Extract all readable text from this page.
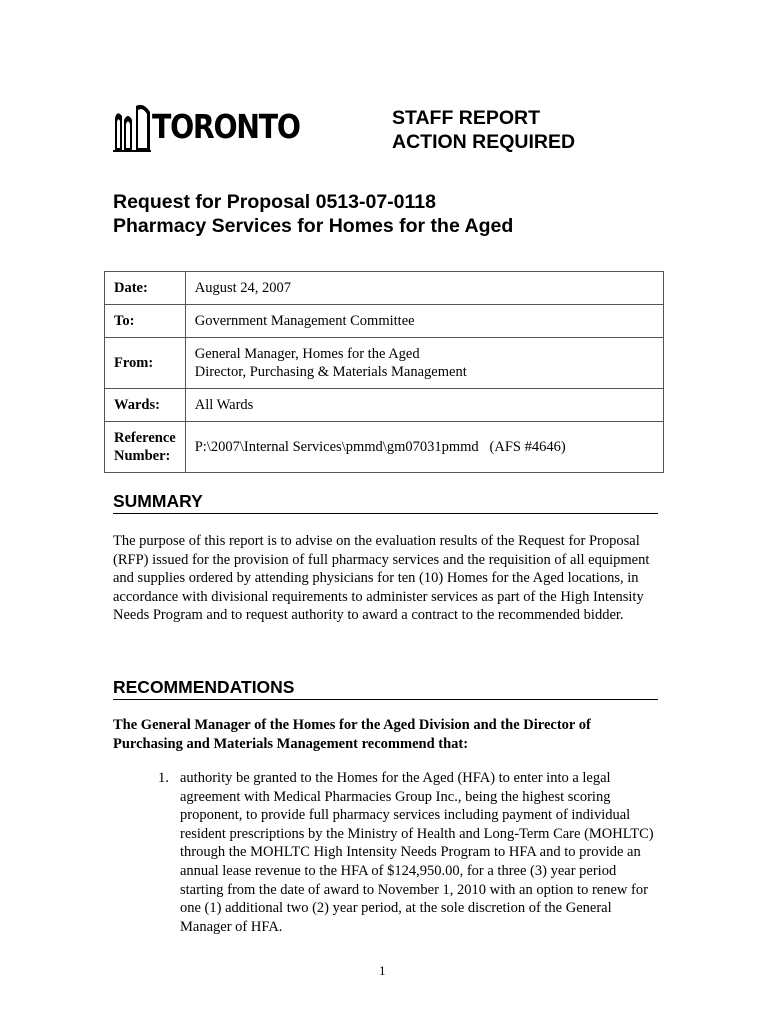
TORONTO	STAFF REPORT
ACTION REQUIRED
Request for Proposal 0513-07-0118
Pharmacy Services for Homes for the Aged
Date:	August 24, 2007
To:	Government Management Committee
From:	General Manager, Homes for the Aged
Director, Purchasing & Materials Management

Wards:	All Wards

Reference
Number:	P:\2007\Internal Services\pmmd\gm07031pmmd   (AFS #4646)
SUMMARY

The purpose of this report is to advise on the evaluation results of the Request for Proposal (RFP) issued for the provision of full pharmacy services and the requisition of all equipment and supplies ordered by attending physicians for ten (10) Homes for the Aged locations, in accordance with divisional requirements to administer services as part of the High Intensity Needs Program and to request authority to award a contract to the recommended bidder.

RECOMMENDATIONS

The General Manager of the Homes for the Aged Division and the Director of Purchasing and Materials Management recommend that:

1. authority be granted to the Homes for the Aged (HFA) to enter into a legal agreement with Medical Pharmacies Group Inc., being the highest scoring proponent, to provide full pharmacy services including payment of individual resident prescriptions by the Ministry of Health and Long-Term Care (MOHLTC) through the MOHLTC High Intensity Needs Program to HFA and to provide an annual lease revenue to the HFA of $124,950.00, for a three (3) year period starting from the date of award to November 1, 2010 with an option to renew for one (1) additional two (2) year period, at the sole discretion of the General Manager of HFA.

1
